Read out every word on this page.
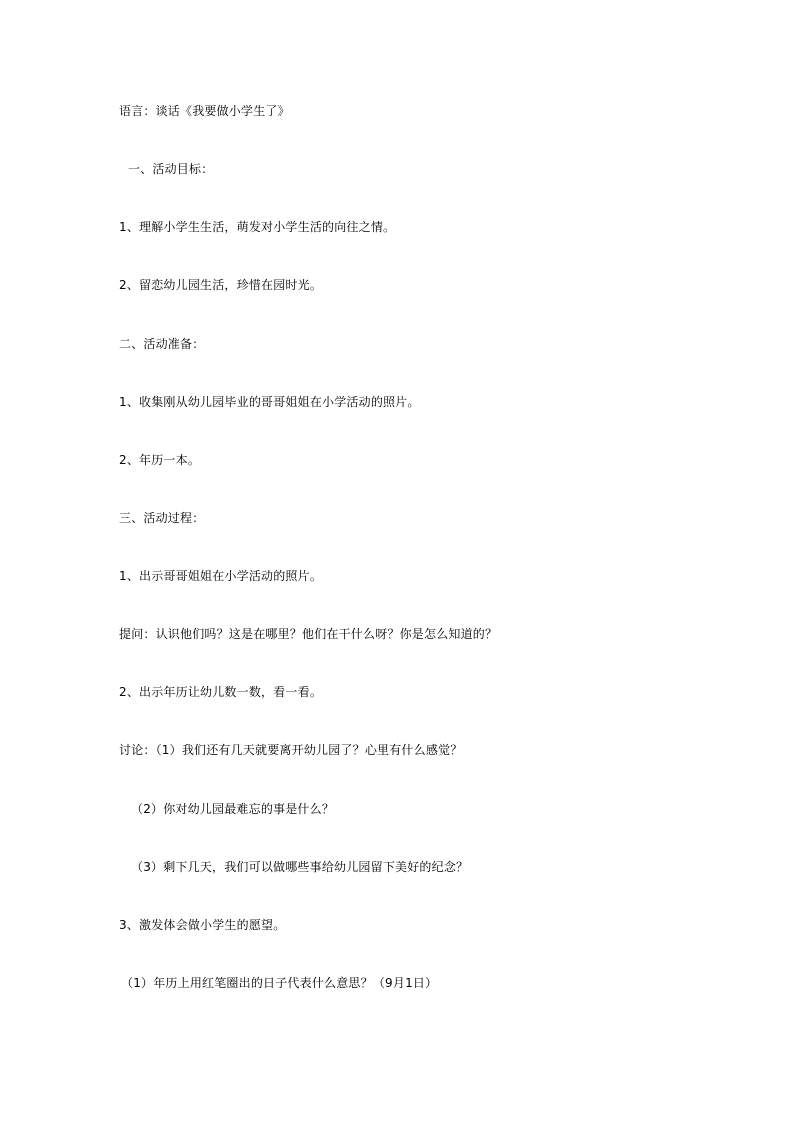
语言：谈话《我要做小学生了》
一、活动目标：
1、理解小学生生活，萌发对小学生活的向往之情。
2、留恋幼儿园生活，珍惜在园时光。
二、活动准备：
1、收集刚从幼儿园毕业的哥哥姐姐在小学活动的照片。
2、年历一本。
三、活动过程：
1、出示哥哥姐姐在小学活动的照片。
提问：认识他们吗？这是在哪里？他们在干什么呀？你是怎么知道的？
2、出示年历让幼儿数一数，看一看。
讨论：（1）我们还有几天就要离开幼儿园了？心里有什么感觉？
（2）你对幼儿园最难忘的事是什么？
（3）剩下几天，我们可以做哪些事给幼儿园留下美好的纪念？
3、激发体会做小学生的愿望。
（1）年历上用红笔圈出的日子代表什么意思？（9月1日）
